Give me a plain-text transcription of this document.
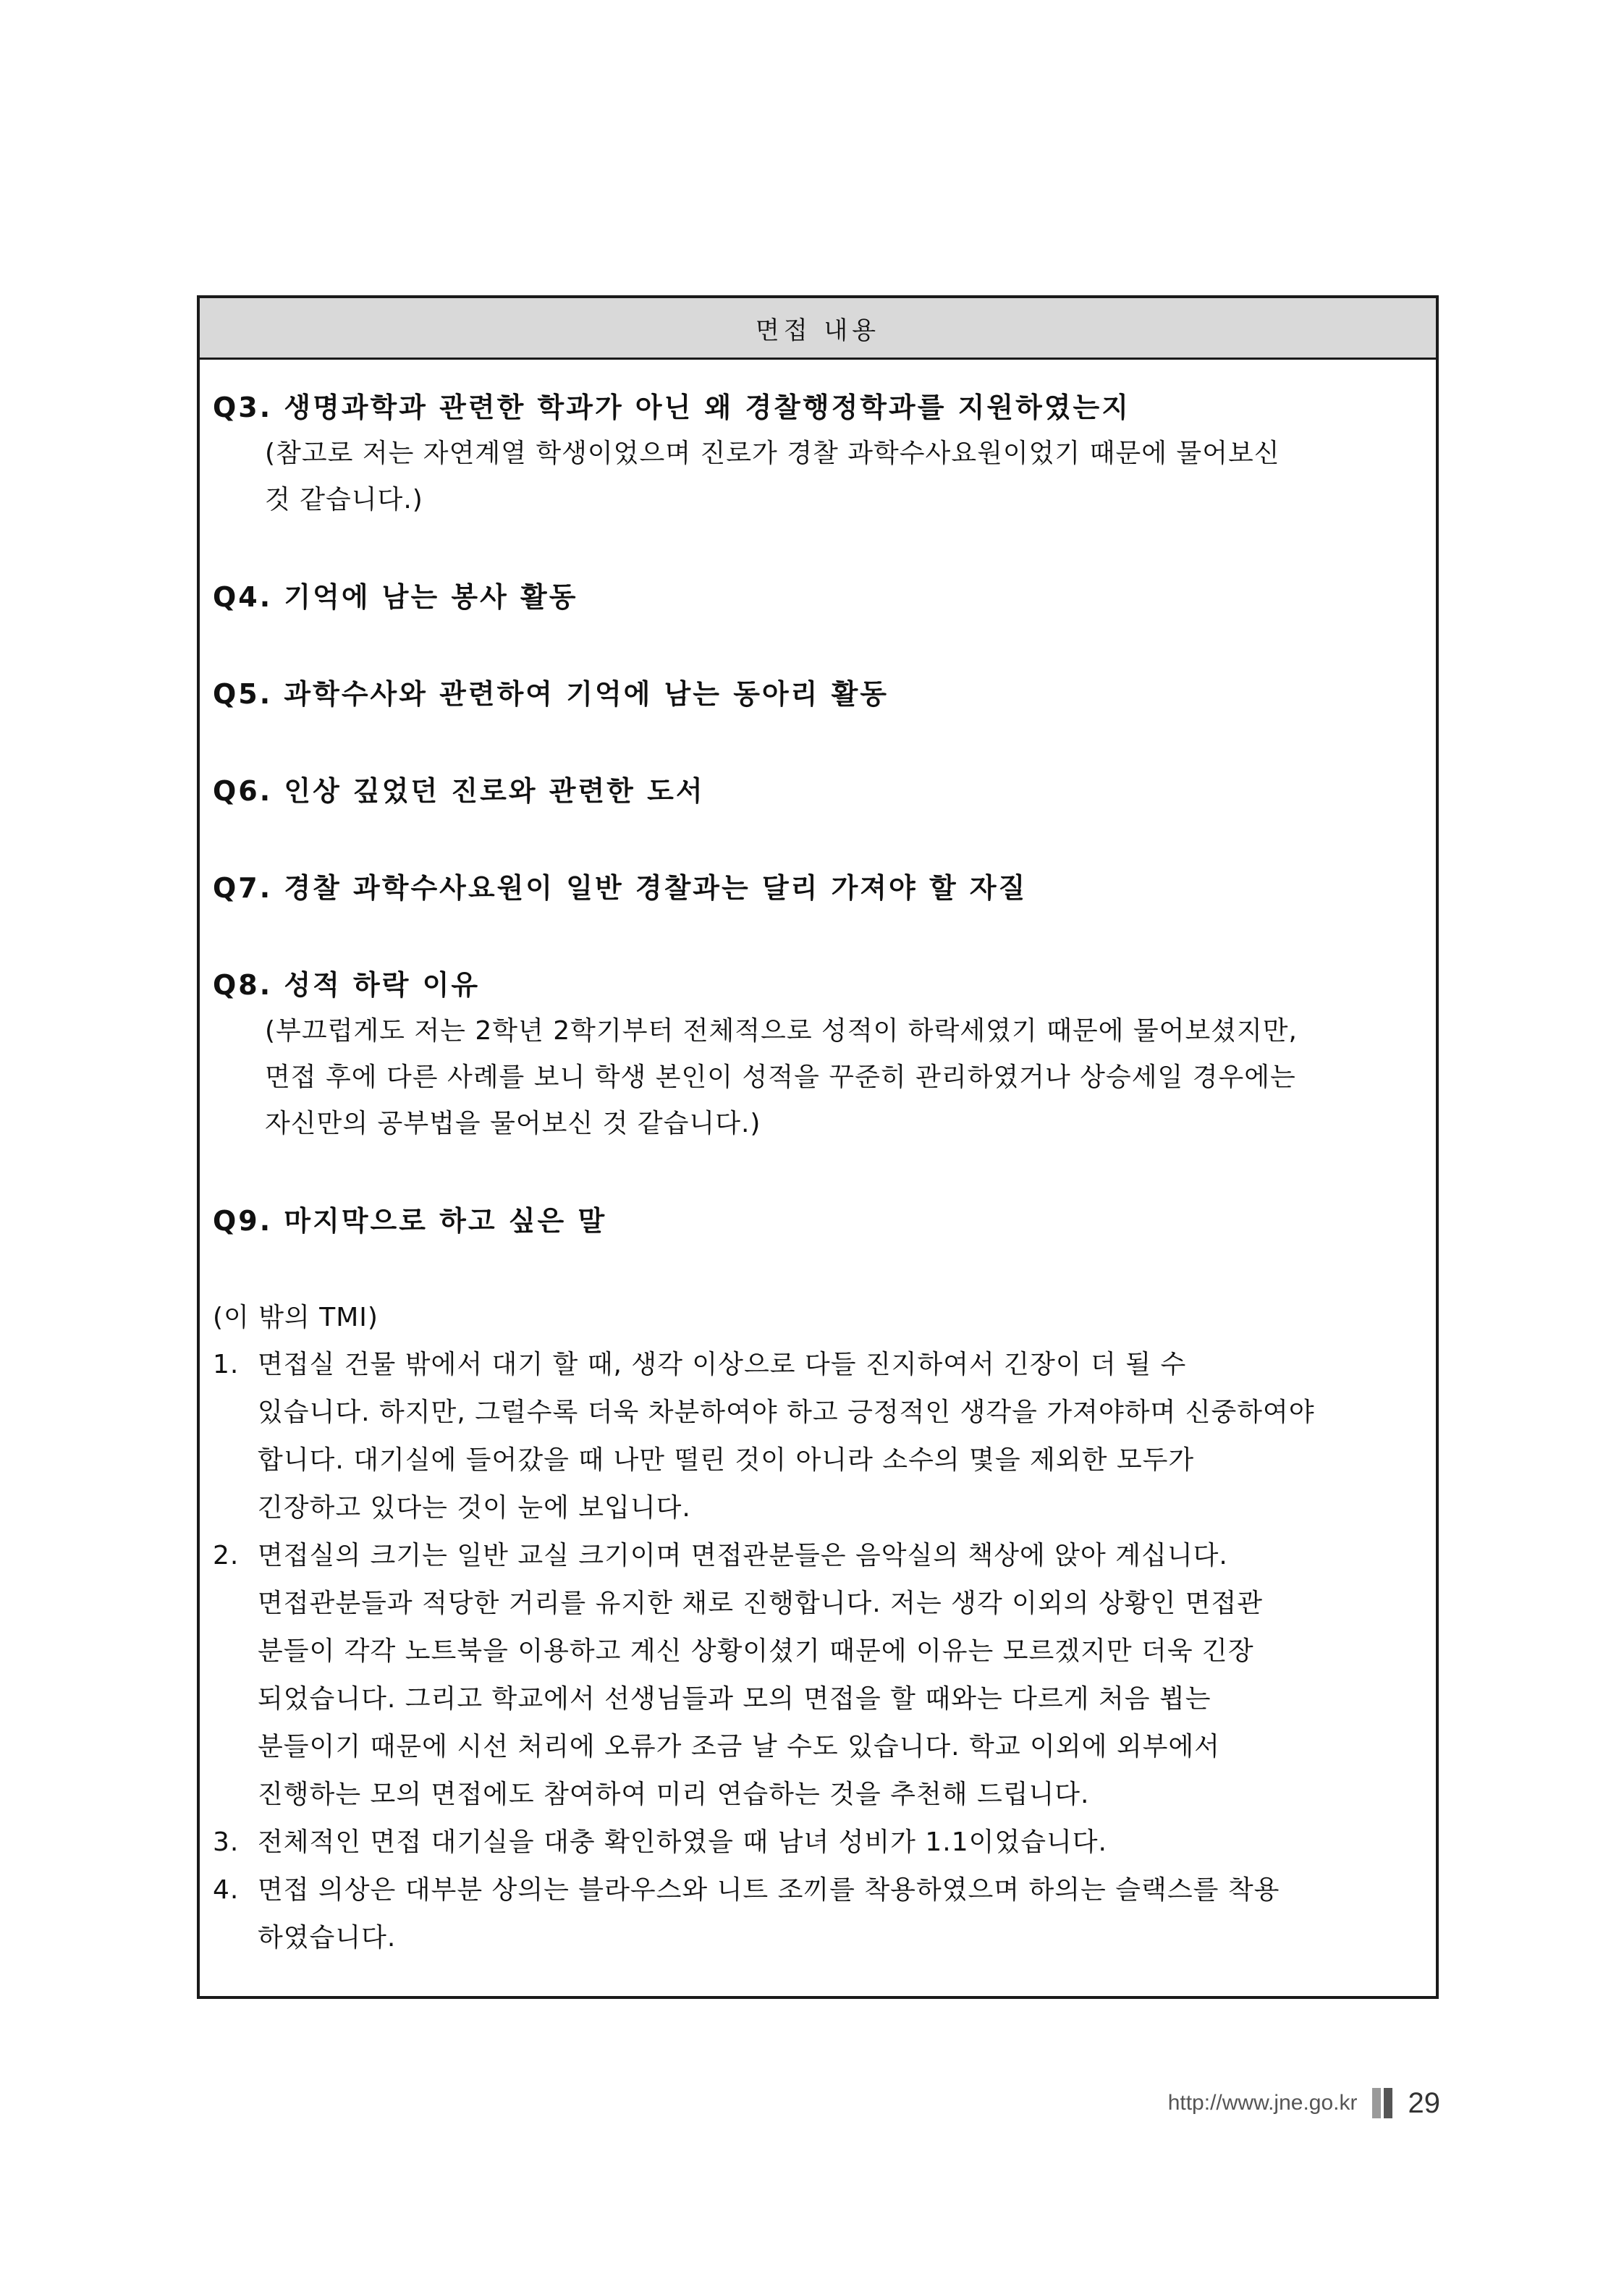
면접 내용
Q3. 생명과학과 관련한 학과가 아닌 왜 경찰행정학과를 지원하였는지
(참고로 저는 자연계열 학생이었으며 진로가 경찰 과학수사요원이었기 때문에 물어보신
것 같습니다.)
Q4. 기억에 남는 봉사 활동
Q5. 과학수사와 관련하여 기억에 남는 동아리 활동
Q6. 인상 깊었던 진로와 관련한 도서
Q7. 경찰 과학수사요원이 일반 경찰과는 달리 가져야 할 자질
Q8. 성적 하락 이유
(부끄럽게도 저는 2학년 2학기부터 전체적으로 성적이 하락세였기 때문에 물어보셨지만,
면접 후에 다른 사례를 보니 학생 본인이 성적을 꾸준히 관리하였거나 상승세일 경우에는
자신만의 공부법을 물어보신 것 같습니다.)
Q9. 마지막으로 하고 싶은 말
(이 밖의 TMI)
1. 면접실 건물 밖에서 대기 할 때, 생각 이상으로 다들 진지하여서 긴장이 더 될 수
있습니다. 하지만, 그럴수록 더욱 차분하여야 하고 긍정적인 생각을 가져야하며 신중하여야
합니다. 대기실에 들어갔을 때 나만 떨린 것이 아니라 소수의 몇을 제외한 모두가
긴장하고 있다는 것이 눈에 보입니다.
2. 면접실의 크기는 일반 교실 크기이며 면접관분들은 음악실의 책상에 앉아 계십니다.
면접관분들과 적당한 거리를 유지한 채로 진행합니다. 저는 생각 이외의 상황인 면접관
분들이 각각 노트북을 이용하고 계신 상황이셨기 때문에 이유는 모르겠지만 더욱 긴장
되었습니다. 그리고 학교에서 선생님들과 모의 면접을 할 때와는 다르게 처음 뵙는
분들이기 때문에 시선 처리에 오류가 조금 날 수도 있습니다. 학교 이외에 외부에서
진행하는 모의 면접에도 참여하여 미리 연습하는 것을 추천해 드립니다.
3. 전체적인 면접 대기실을 대충 확인하였을 때 남녀 성비가 1.1이었습니다.
4. 면접 의상은 대부분 상의는 블라우스와 니트 조끼를 착용하였으며 하의는 슬랙스를 착용
하였습니다.
http://www.jne.go.kr 29
